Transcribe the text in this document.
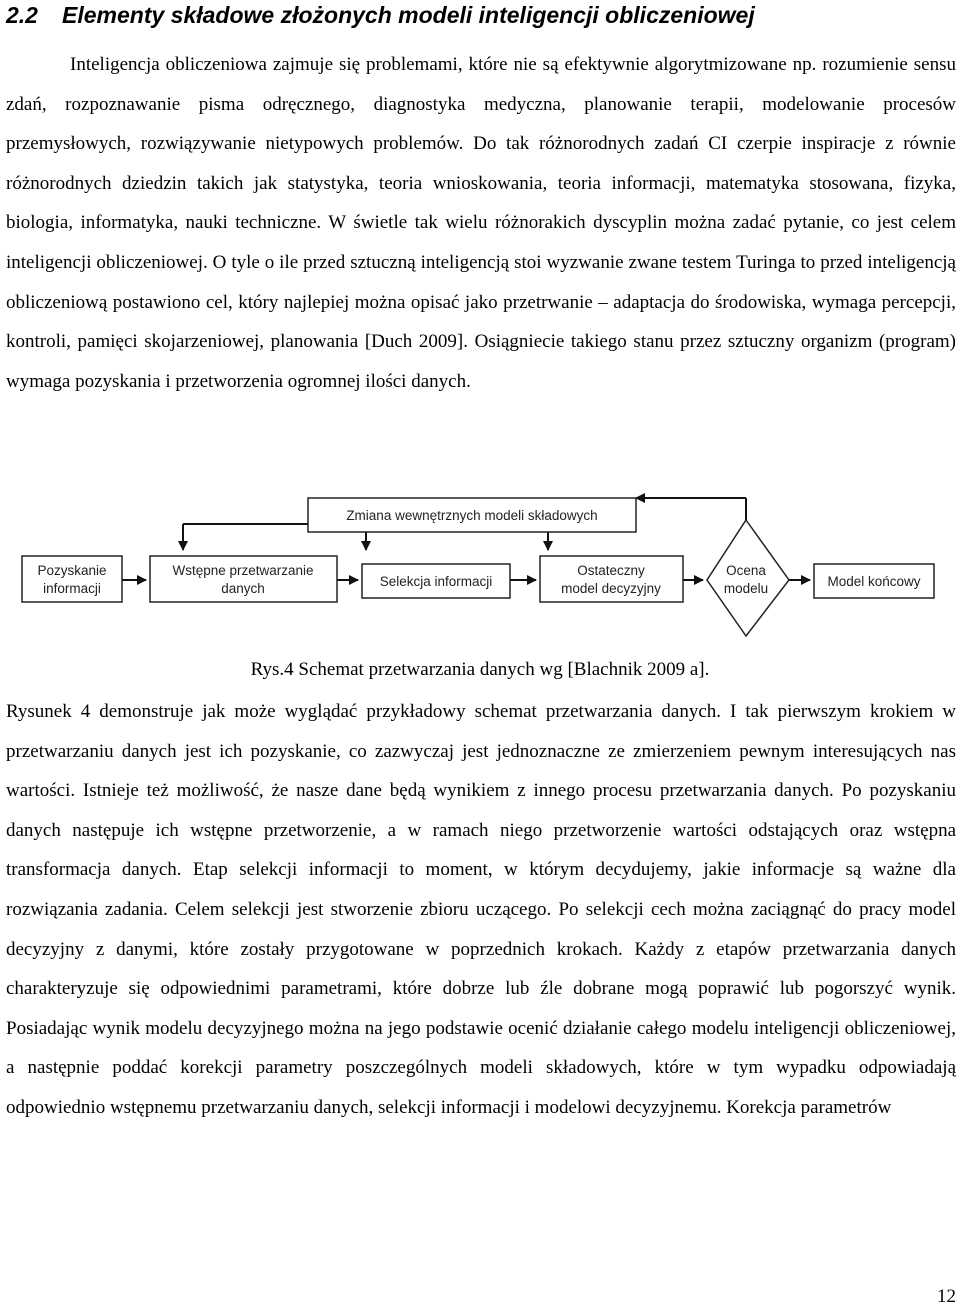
2.2 Elementy składowe złożonych modeli inteligencji obliczeniowej

Inteligencja obliczeniowa zajmuje się problemami, które nie są efektywnie algorytmizowane np. rozumienie sensu zdań, rozpoznawanie pisma odręcznego, diagnostyka medyczna, planowanie terapii, modelowanie procesów przemysłowych, rozwiązywanie nietypowych problemów. Do tak różnorodnych zadań CI czerpie inspiracje z równie różnorodnych dziedzin takich jak statystyka, teoria wnioskowania, teoria informacji, matematyka stosowana, fizyka, biologia, informatyka, nauki techniczne. W świetle tak wielu różnorakich dyscyplin można zadać pytanie, co jest celem inteligencji obliczeniowej. O tyle o ile przed sztuczną inteligencją stoi wyzwanie zwane testem Turinga to przed inteligencją obliczeniową postawiono cel, który najlepiej można opisać jako przetrwanie – adaptacja do środowiska, wymaga percepcji, kontroli, pamięci skojarzeniowej, planowania [Duch 2009]. Osiągniecie takiego stanu przez sztuczny organizm (program) wymaga pozyskania i przetworzenia ogromnej ilości danych.

Zmiana wewnętrznych modeli składowych
Pozyskanie
informacji
Wstępne przetwarzanie
danych	Selekcja informacji
Ostateczny
model decyzyjny
Ocena
modelu	Model końcowy
Rys.4 Schemat przetwarzania danych wg [Blachnik 2009 a].

Rysunek 4 demonstruje jak może wyglądać przykładowy schemat przetwarzania danych. I tak pierwszym krokiem w przetwarzaniu danych jest ich pozyskanie, co zazwyczaj jest jednoznaczne ze zmierzeniem pewnym interesujących nas wartości. Istnieje też możliwość, że nasze dane będą wynikiem z innego procesu przetwarzania danych. Po pozyskaniu danych następuje ich wstępne przetworzenie, a w ramach niego przetworzenie wartości odstających oraz wstępna transformacja danych. Etap selekcji informacji to moment, w którym decydujemy, jakie informacje są ważne dla rozwiązania zadania. Celem selekcji jest stworzenie zbioru uczącego. Po selekcji cech można zaciągnąć do pracy model decyzyjny z danymi, które zostały przygotowane w poprzednich krokach. Każdy z etapów przetwarzania danych charakteryzuje się odpowiednimi parametrami, które dobrze lub źle dobrane mogą poprawić lub pogorszyć wynik. Posiadając wynik modelu decyzyjnego można na jego podstawie ocenić działanie całego modelu inteligencji obliczeniowej, a następnie poddać korekcji parametry poszczególnych modeli składowych, które w tym wypadku odpowiadają odpowiednio wstępnemu przetwarzaniu danych, selekcji informacji i modelowi decyzyjnemu. Korekcja parametrów

12
